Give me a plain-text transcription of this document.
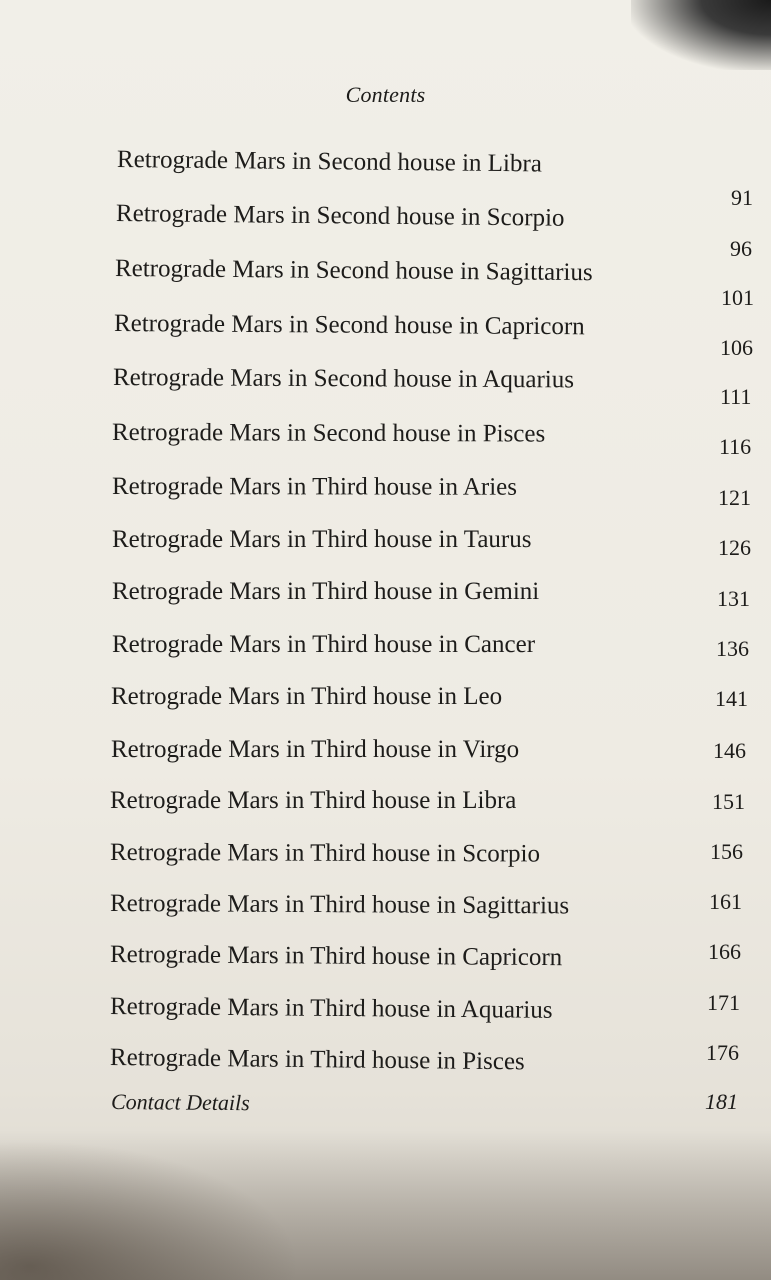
Contents
Retrograde Mars in Second house in Libra
Retrograde Mars in Second house in Scorpio
Retrograde Mars in Second house in Sagittarius
Retrograde Mars in Second house in Capricorn
Retrograde Mars in Second house in Aquarius
Retrograde Mars in Second house in Pisces
Retrograde Mars in Third house in Aries
Retrograde Mars in Third house in Taurus
Retrograde Mars in Third house in Gemini
Retrograde Mars in Third house in Cancer
Retrograde Mars in Third house in Leo
Retrograde Mars in Third house in Virgo
Retrograde Mars in Third house in Libra
Retrograde Mars in Third house in Scorpio
Retrograde Mars in Third house in Sagittarius
Retrograde Mars in Third house in Capricorn
Retrograde Mars in Third house in Aquarius
Retrograde Mars in Third house in Pisces
Contact Details
91
96
101
106
111
116
121
126
131
136
141
146
151
156
161
166
171
176
181
